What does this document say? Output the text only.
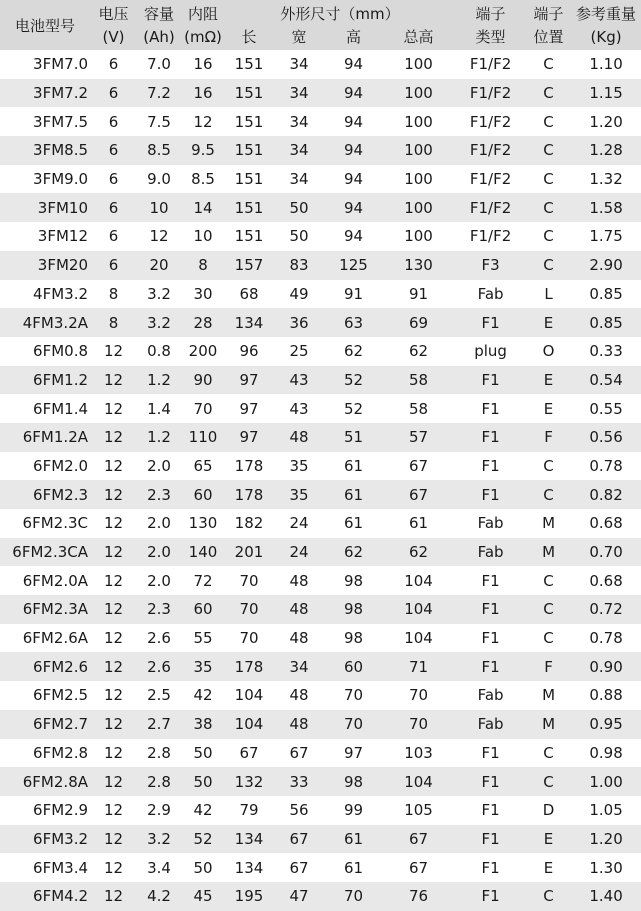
电池型号	电压	容量	内阻	外形尺寸（mm）				端子	端子	参考重量
	(V)	(Ah)	(mΩ)	长	宽	高	总高	类型	位置	(Kg)
3FM7.0	6	7.0	16	151	34	94	100	F1/F2	C	1.10
3FM7.2	6	7.2	16	151	34	94	100	F1/F2	C	1.15
3FM7.5	6	7.5	12	151	34	94	100	F1/F2	C	1.20
3FM8.5	6	8.5	9.5	151	34	94	100	F1/F2	C	1.28
3FM9.0	6	9.0	8.5	151	34	94	100	F1/F2	C	1.32
3FM10	6	10	14	151	50	94	100	F1/F2	C	1.58
3FM12	6	12	10	151	50	94	100	F1/F2	C	1.75
3FM20	6	20	8	157	83	125	130	F3	C	2.90
4FM3.2	8	3.2	30	68	49	91	91	Fab	L	0.85
4FM3.2A	8	3.2	28	134	36	63	69	F1	E	0.85
6FM0.8	12	0.8	200	96	25	62	62	plug	O	0.33
6FM1.2	12	1.2	90	97	43	52	58	F1	E	0.54
6FM1.4	12	1.4	70	97	43	52	58	F1	E	0.55
6FM1.2A	12	1.2	110	97	48	51	57	F1	F	0.56
6FM2.0	12	2.0	65	178	35	61	67	F1	C	0.78
6FM2.3	12	2.3	60	178	35	61	67	F1	C	0.82
6FM2.3C	12	2.0	130	182	24	61	61	Fab	M	0.68
6FM2.3CA	12	2.0	140	201	24	62	62	Fab	M	0.70
6FM2.0A	12	2.0	72	70	48	98	104	F1	C	0.68
6FM2.3A	12	2.3	60	70	48	98	104	F1	C	0.72
6FM2.6A	12	2.6	55	70	48	98	104	F1	C	0.78
6FM2.6	12	2.6	35	178	34	60	71	F1	F	0.90
6FM2.5	12	2.5	42	104	48	70	70	Fab	M	0.88
6FM2.7	12	2.7	38	104	48	70	70	Fab	M	0.95
6FM2.8	12	2.8	50	67	67	97	103	F1	C	0.98
6FM2.8A	12	2.8	50	132	33	98	104	F1	C	1.00
6FM2.9	12	2.9	42	79	56	99	105	F1	D	1.05
6FM3.2	12	3.2	52	134	67	61	67	F1	E	1.20
6FM3.4	12	3.4	50	134	67	61	67	F1	E	1.30
6FM4.2	12	4.2	45	195	47	70	76	F1	C	1.40
